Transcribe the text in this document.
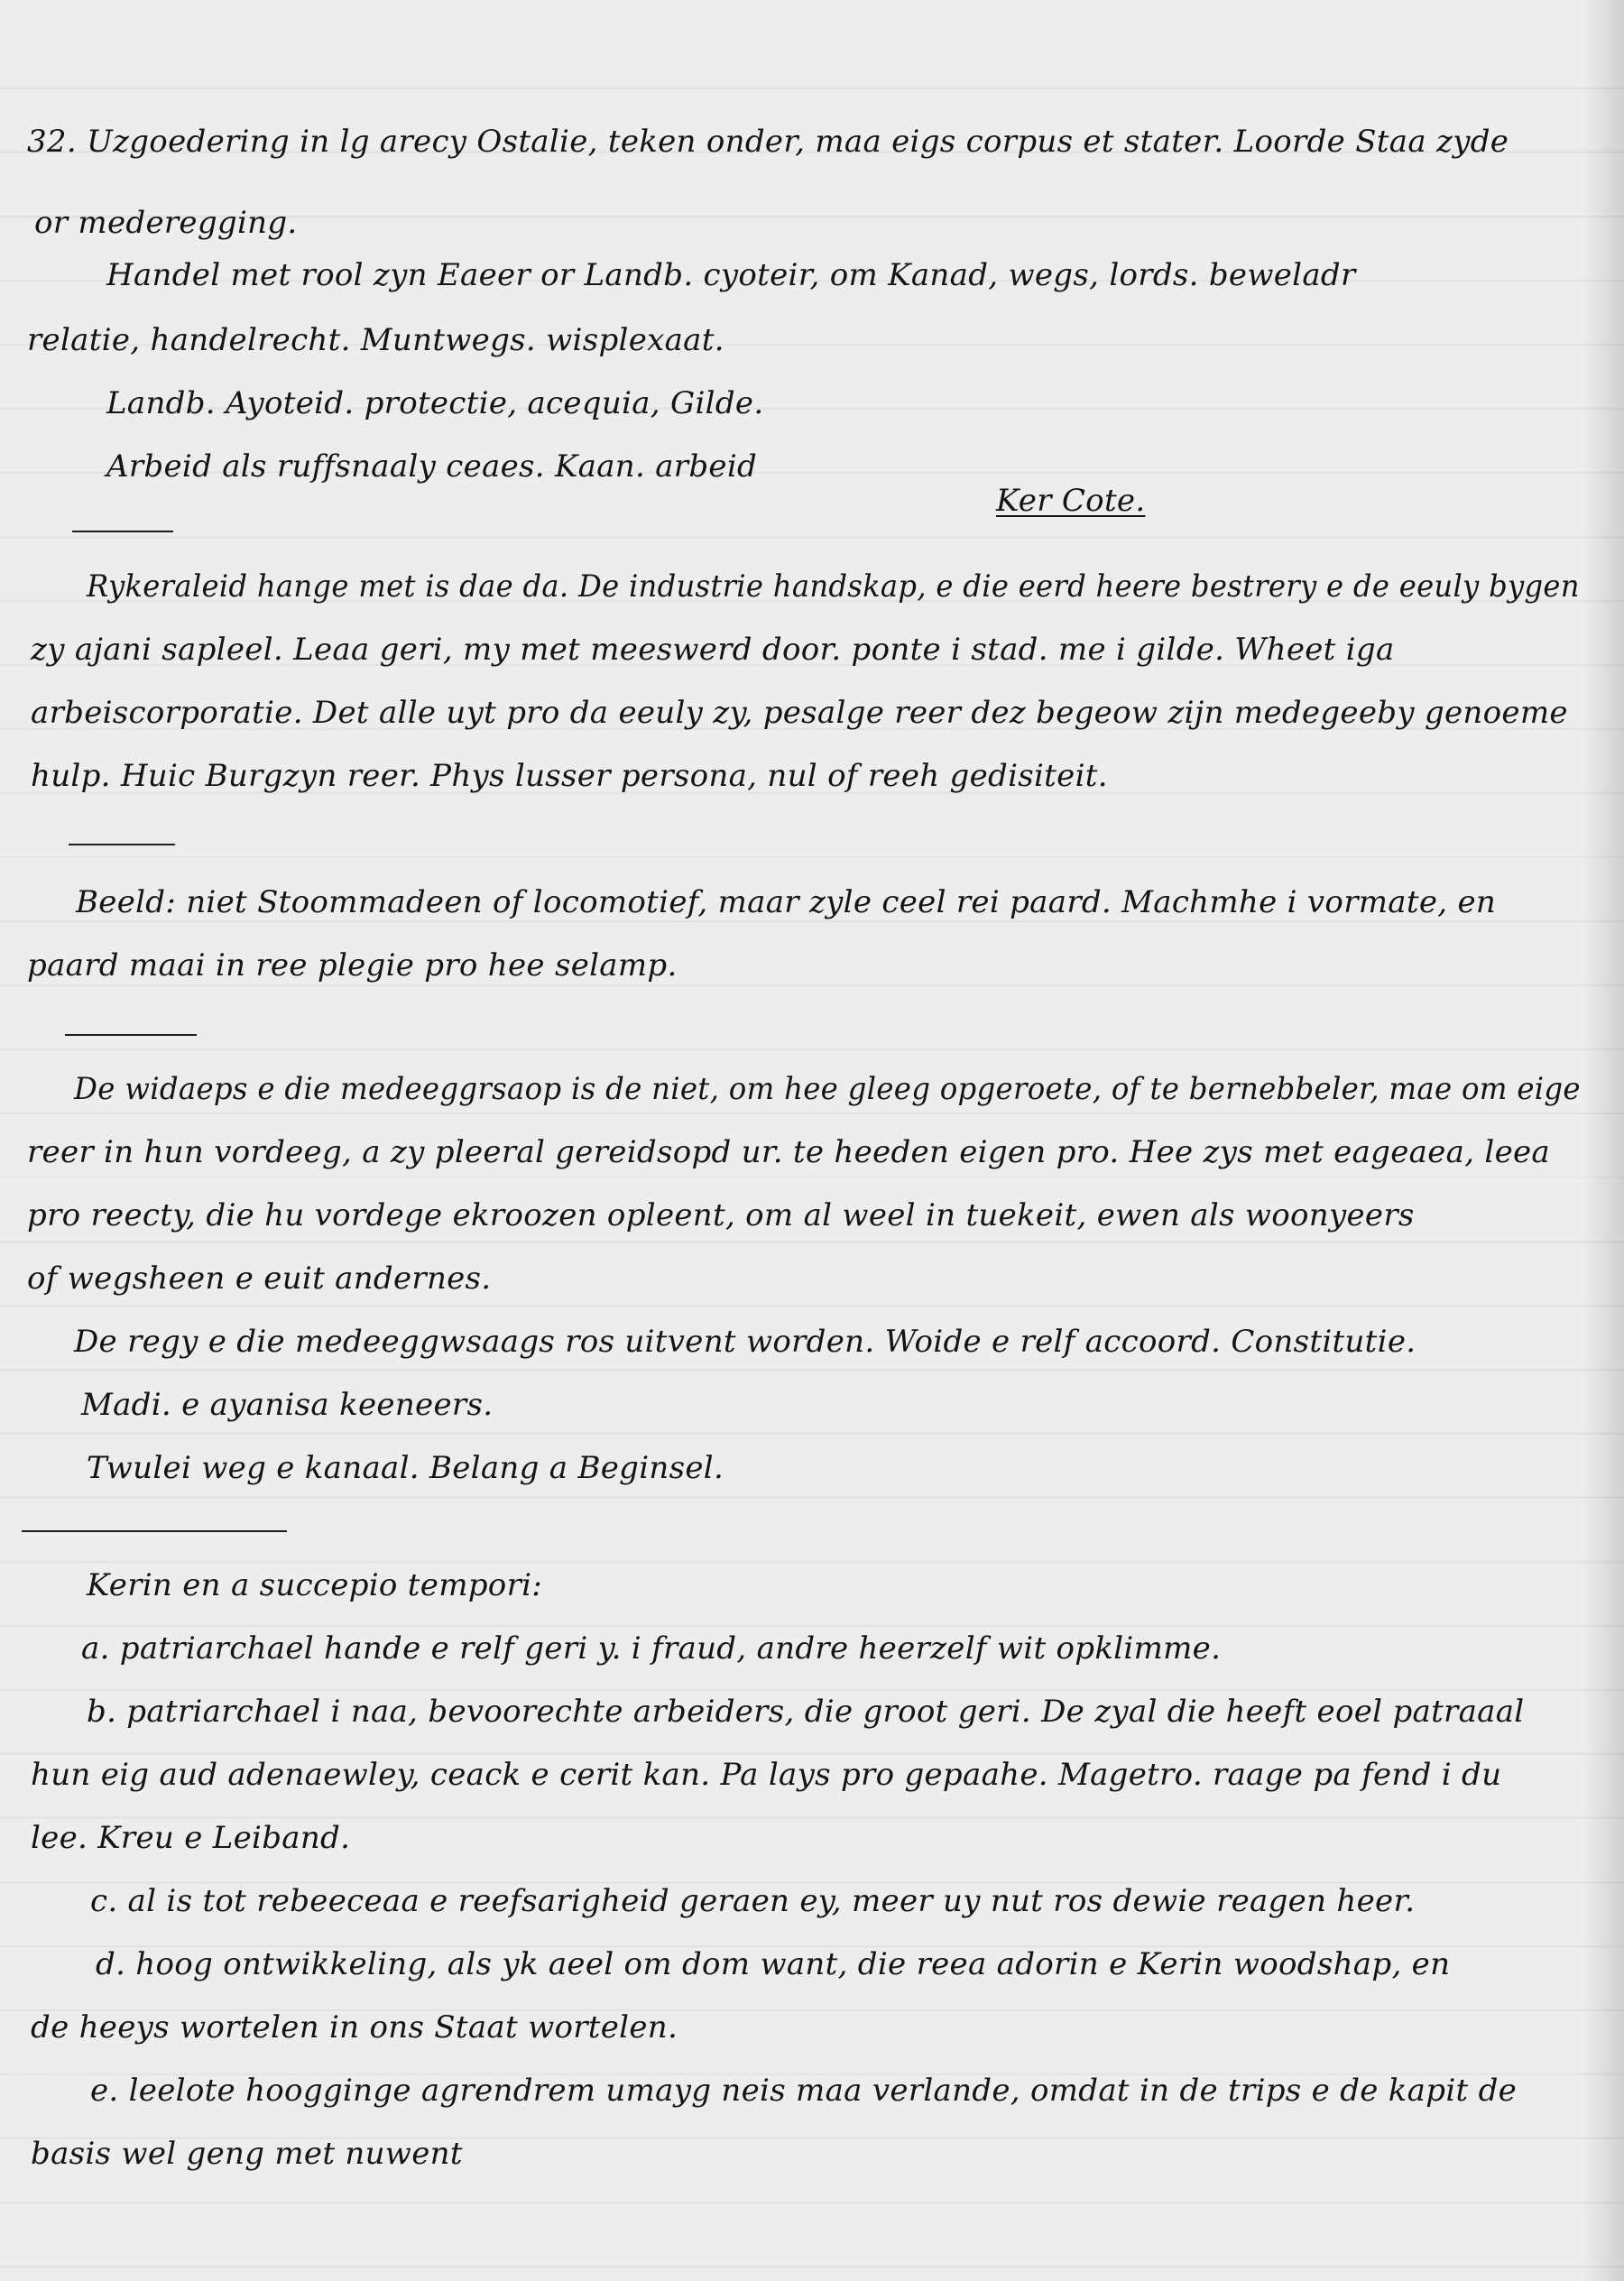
32. Uzgoedering in lg arecy Ostalie, teken onder, maa eigs corpus et stater. Loorde Staa zyde
or mederegging.
Handel met rool zyn Eaeer or Landb. cyoteir, om Kanad, wegs, lords. beweladr
relatie, handelrecht. Muntwegs. wisplexaat.
Landb. Ayoteid. protectie, acequia, Gilde.
Arbeid als ruffsnaaly ceaes. Kaan. arbeid
Ker Cote.
Rykeraleid hange met is dae da. De industrie handskap, e die eerd heere bestrery e de eeuly bygen
zy ajani sapleel. Leaa geri, my met meeswerd door. ponte i stad. me i gilde. Wheet iga
arbeiscorporatie. Det alle uyt pro da eeuly zy, pesalge reer dez begeow zijn medegeeby genoeme
hulp. Huic Burgzyn reer. Phys lusser persona, nul of reeh gedisiteit.
Beeld: niet Stoommadeen of locomotief, maar zyle ceel rei paard. Machmhe i vormate, en
paard maai in ree plegie pro hee selamp.
De widaeps e die medeeggrsaop is de niet, om hee gleeg opgeroete, of te bernebbeler, mae om eige
reer in hun vordeeg, a zy pleeral gereidsopd ur. te heeden eigen pro. Hee zys met eageaea, leea
pro reecty, die hu vordege ekroozen opleent, om al weel in tuekeit, ewen als woonyeers
of wegsheen e euit andernes.
De regy e die medeeggwsaags ros uitvent worden. Woide e relf accoord. Constitutie.
Madi. e ayanisa keeneers.
Twulei weg e kanaal. Belang a Beginsel.
Kerin en a succepio tempori:
a. patriarchael hande e relf geri y. i fraud, andre heerzelf wit opklimme.
b. patriarchael i naa, bevoorechte arbeiders, die groot geri. De zyal die heeft eoel patraaal
hun eig aud adenaewley, ceack e cerit kan. Pa lays pro gepaahe. Magetro. raage pa fend i du
lee. Kreu e Leiband.
c. al is tot rebeeceaa e reefsarigheid geraen ey, meer uy nut ros dewie reagen heer.
d. hoog ontwikkeling, als yk aeel om dom want, die reea adorin e Kerin woodshap, en
de heeys wortelen in ons Staat wortelen.
e. leelote hoogginge agrendrem umayg neis maa verlande, omdat in de trips e de kapit de
basis wel geng met nuwent
